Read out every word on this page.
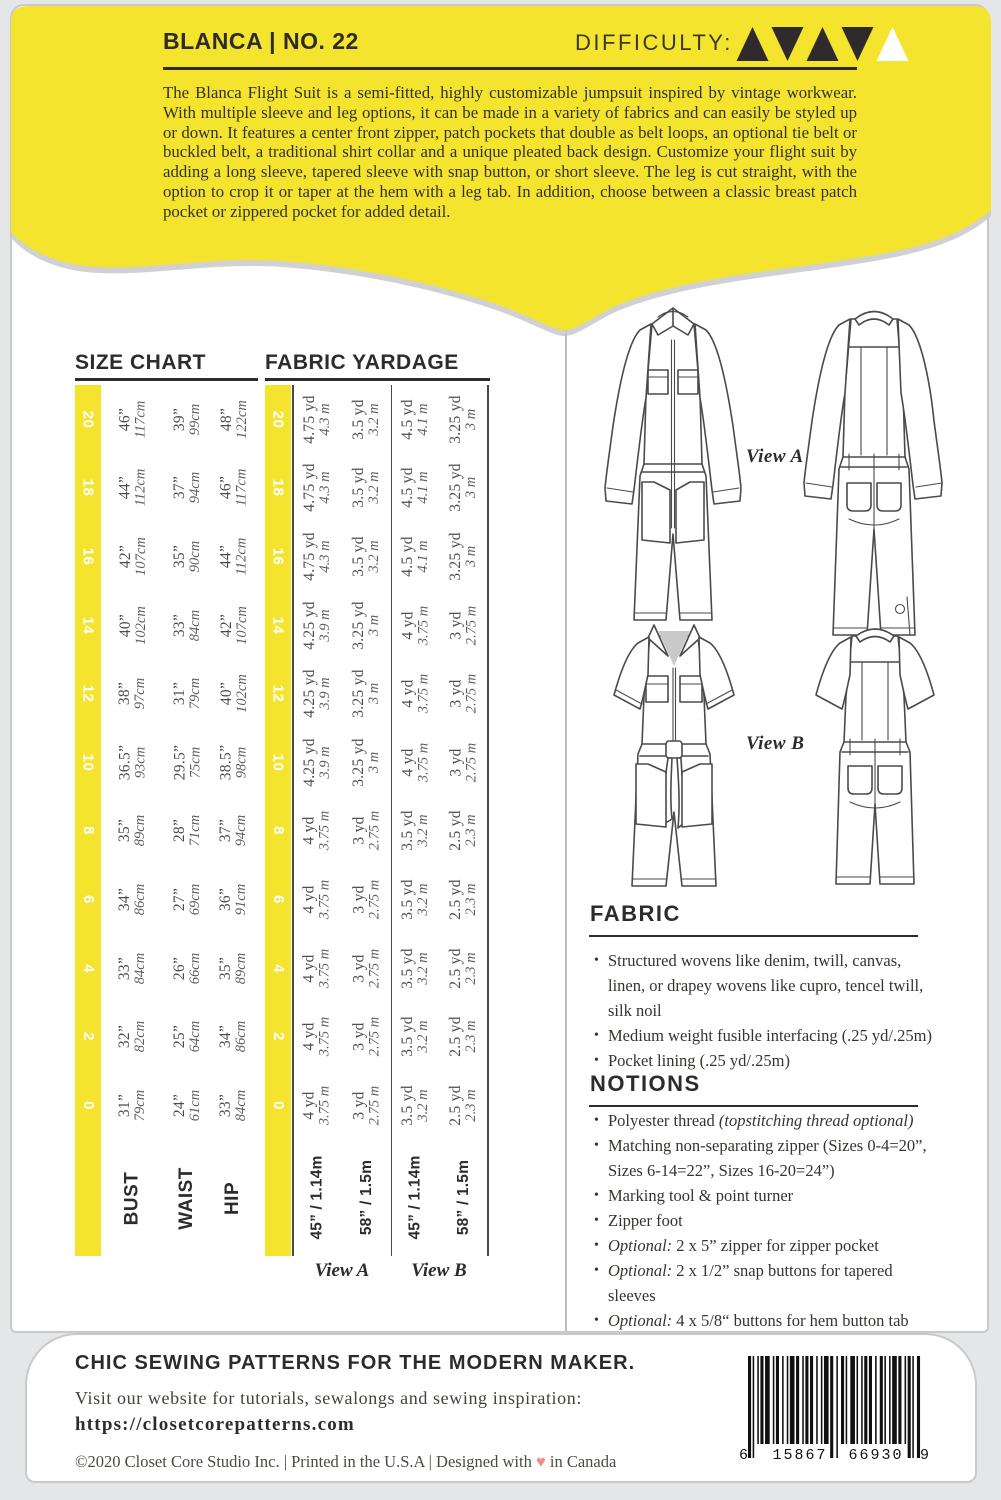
BLANCA | NO. 22	DIFFICULTY:
The Blanca Flight Suit is a semi-fitted, highly customizable jumpsuit inspired by vintage workwear. With multiple sleeve and leg options, it can be made in a variety of fabrics and can easily be styled up or down. It features a center front zipper, patch pockets that double as belt loops, an optional tie belt or buckled belt, a traditional shirt collar and a unique pleated back design. Customize your flight suit by adding a long sleeve, tapered sleeve with snap button, or short sleeve. The leg is cut straight, with the option to crop it or taper at the hem with a leg tab. In addition, choose between a classic breast patch pocket or zippered pocket for added detail.
SIZE CHART	FABRIC YARDAGE
20 46” 117cm 39” 99cm 48” 122cm
18 44” 112cm 37” 94cm 46” 117cm
16 42” 107cm 35” 90cm 44” 112cm
14 40” 102cm 33” 84cm 42” 107cm
12 38” 97cm 31” 79cm 40” 102cm
10 36.5” 93cm 29.5” 75cm 38.5” 98cm
8 35” 89cm 28” 71cm 37” 94cm
6 34” 86cm 27” 69cm 36” 91cm
4 33” 84cm 26” 66cm 35” 89cm
2 32” 82cm 25” 64cm 34” 86cm
0 31” 79cm 24” 61cm 33” 84cm
20 4.75 yd 4.3 m 3.5 yd 3.2 m 4.5 yd 4.1 m 3.25 yd 3 m
18 4.75 yd 4.3 m 3.5 yd 3.2 m 4.5 yd 4.1 m 3.25 yd 3 m
16 4.75 yd 4.3 m 3.5 yd 3.2 m 4.5 yd 4.1 m 3.25 yd 3 m
14 4.25 yd 3.9 m 3.25 yd 3 m 4 yd 3.75 m 3 yd 2.75 m
12 4.25 yd 3.9 m 3.25 yd 3 m 4 yd 3.75 m 3 yd 2.75 m
10 4.25 yd 3.9 m 3.25 yd 3 m 4 yd 3.75 m 3 yd 2.75 m
8 4 yd 3.75 m 3 yd 2.75 m 3.5 yd 3.2 m 2.5 yd 2.3 m
6 4 yd 3.75 m 3 yd 2.75 m 3.5 yd 3.2 m 2.5 yd 2.3 m
4 4 yd 3.75 m 3 yd 2.75 m 3.5 yd 3.2 m 2.5 yd 2.3 m
2 4 yd 3.75 m 3 yd 2.75 m 3.5 yd 3.2 m 2.5 yd 2.3 m
0 4 yd 3.75 m 3 yd 2.75 m 3.5 yd 3.2 m 2.5 yd 2.3 m
BUST WAIST HIP	45” / 1.14m 58” / 1.5m 45” / 1.14m 58” / 1.5m
View A	View B
View A
View B
FABRIC
• Structured wovens like denim, twill, canvas, linen, or drapey wovens like cupro, tencel twill, silk noil
• Medium weight fusible interfacing (.25 yd/.25m)
• Pocket lining (.25 yd/.25m)
NOTIONS
• Polyester thread (topstitching thread optional)
• Matching non-separating zipper (Sizes 0-4=20”, Sizes 6-14=22”, Sizes 16-20=24”)
• Marking tool & point turner
• Zipper foot
• Optional: 2 x 5” zipper for zipper pocket
• Optional: 2 x 1/2” snap buttons for tapered sleeves
• Optional: 4 x 5/8“ buttons for hem button tab
•
CHIC SEWING PATTERNS FOR THE MODERN MAKER.
Visit our website for tutorials, sewalongs and sewing inspiration:
https://closetcorepatterns.com
©2020 Closet Core Studio Inc. | Printed in the U.S.A | Designed with ♥ in Canada	6 15867 66930 9
